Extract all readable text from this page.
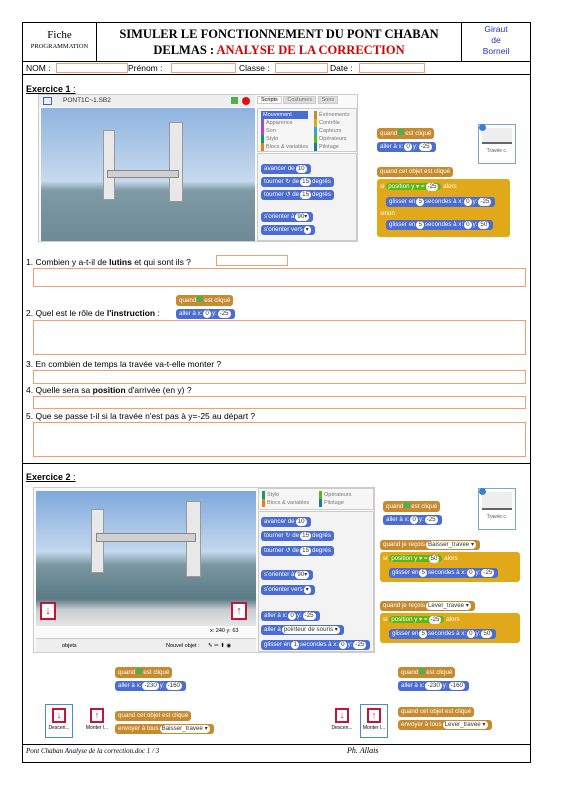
Fiche
PROGRAMMATION
SIMULER LE FONCTIONNEMENT DU PONT CHABAN
DELMAS : ANALYSE DE LA CORRECTION
Giraut
de
Borneil
NOM :	Prénom :	Classe :	Date :
Exercice 1 :
PONT1C~1.SB2	Scripts Costumes Sons
Mouvement
Apparence
Son
Stylo
Blocs & variables
Événements
Contrôle
Capteurs
Opérateurs
Pilotage
avancer de 10
tourner ↻ de 15 degrés
tourner ↺ de 15 degrés
s'orienter à 90▾
s'orienter vers ▾
quand est cliqué
aller à x: 0 y: -25
Travée c.
quand cet objet est cliqué
si position y ▾ = -25 alors
glisser en 5 secondes à x: 0 y: -25
sinon
glisser en 5 secondes à x: 0 y: 50
1. Combien y a-t-il de lutins et qui sont ils ?
quand est cliqué
2. Quel est le rôle de l'instruction :	aller à x: 0 y: -25
3. En combien de temps la travée va-t-elle monter ?
4. Quelle sera sa position d'arrivée (en y) ?
5. Que se passe t-il si la travée n'est pas à y=-25 au départ ?
Exercice 2 :
↓	↑
x: 240 y: 63
objets	Nouvel objet : ✎ ✂ ⬆ ◉
Stylo
Blocs & variables
Opérateurs
Pilotage
avancer de 10
tourner ↻ de 15 degrés
tourner ↺ de 15 degrés
s'orienter à 90▾
s'orienter vers ▾
aller à x: 0 y: -25
aller à pointeur de souris ▾
glisser en 1 secondes à x: 0 y: -25
quand est cliqué
aller à x: 0 y: -25	Travée c.
quand je reçois Baisser_travee ▾
si position y ▾ = 50 alors
glisser en 5 secondes à x: 0 y: -25
quand je reçois Lever_travee ▾
si position y ▾ = -25 alors
glisser en 5 secondes à x: 0 y: 50
quand est cliqué
aller à x: -230 y: -160
↓
Descen...
↑
Monter l...
quand cet objet est cliqué
envoyer à tous Baisser_travee ▾
quand est cliqué
aller à x: -230 y: -160
↓
Descen...
↑
Monter l...
quand cet objet est cliqué
envoyer à tous Lever_travee ▾
Pont Chaban Analyse de la correction.doc 1 / 3	Ph. Allais
